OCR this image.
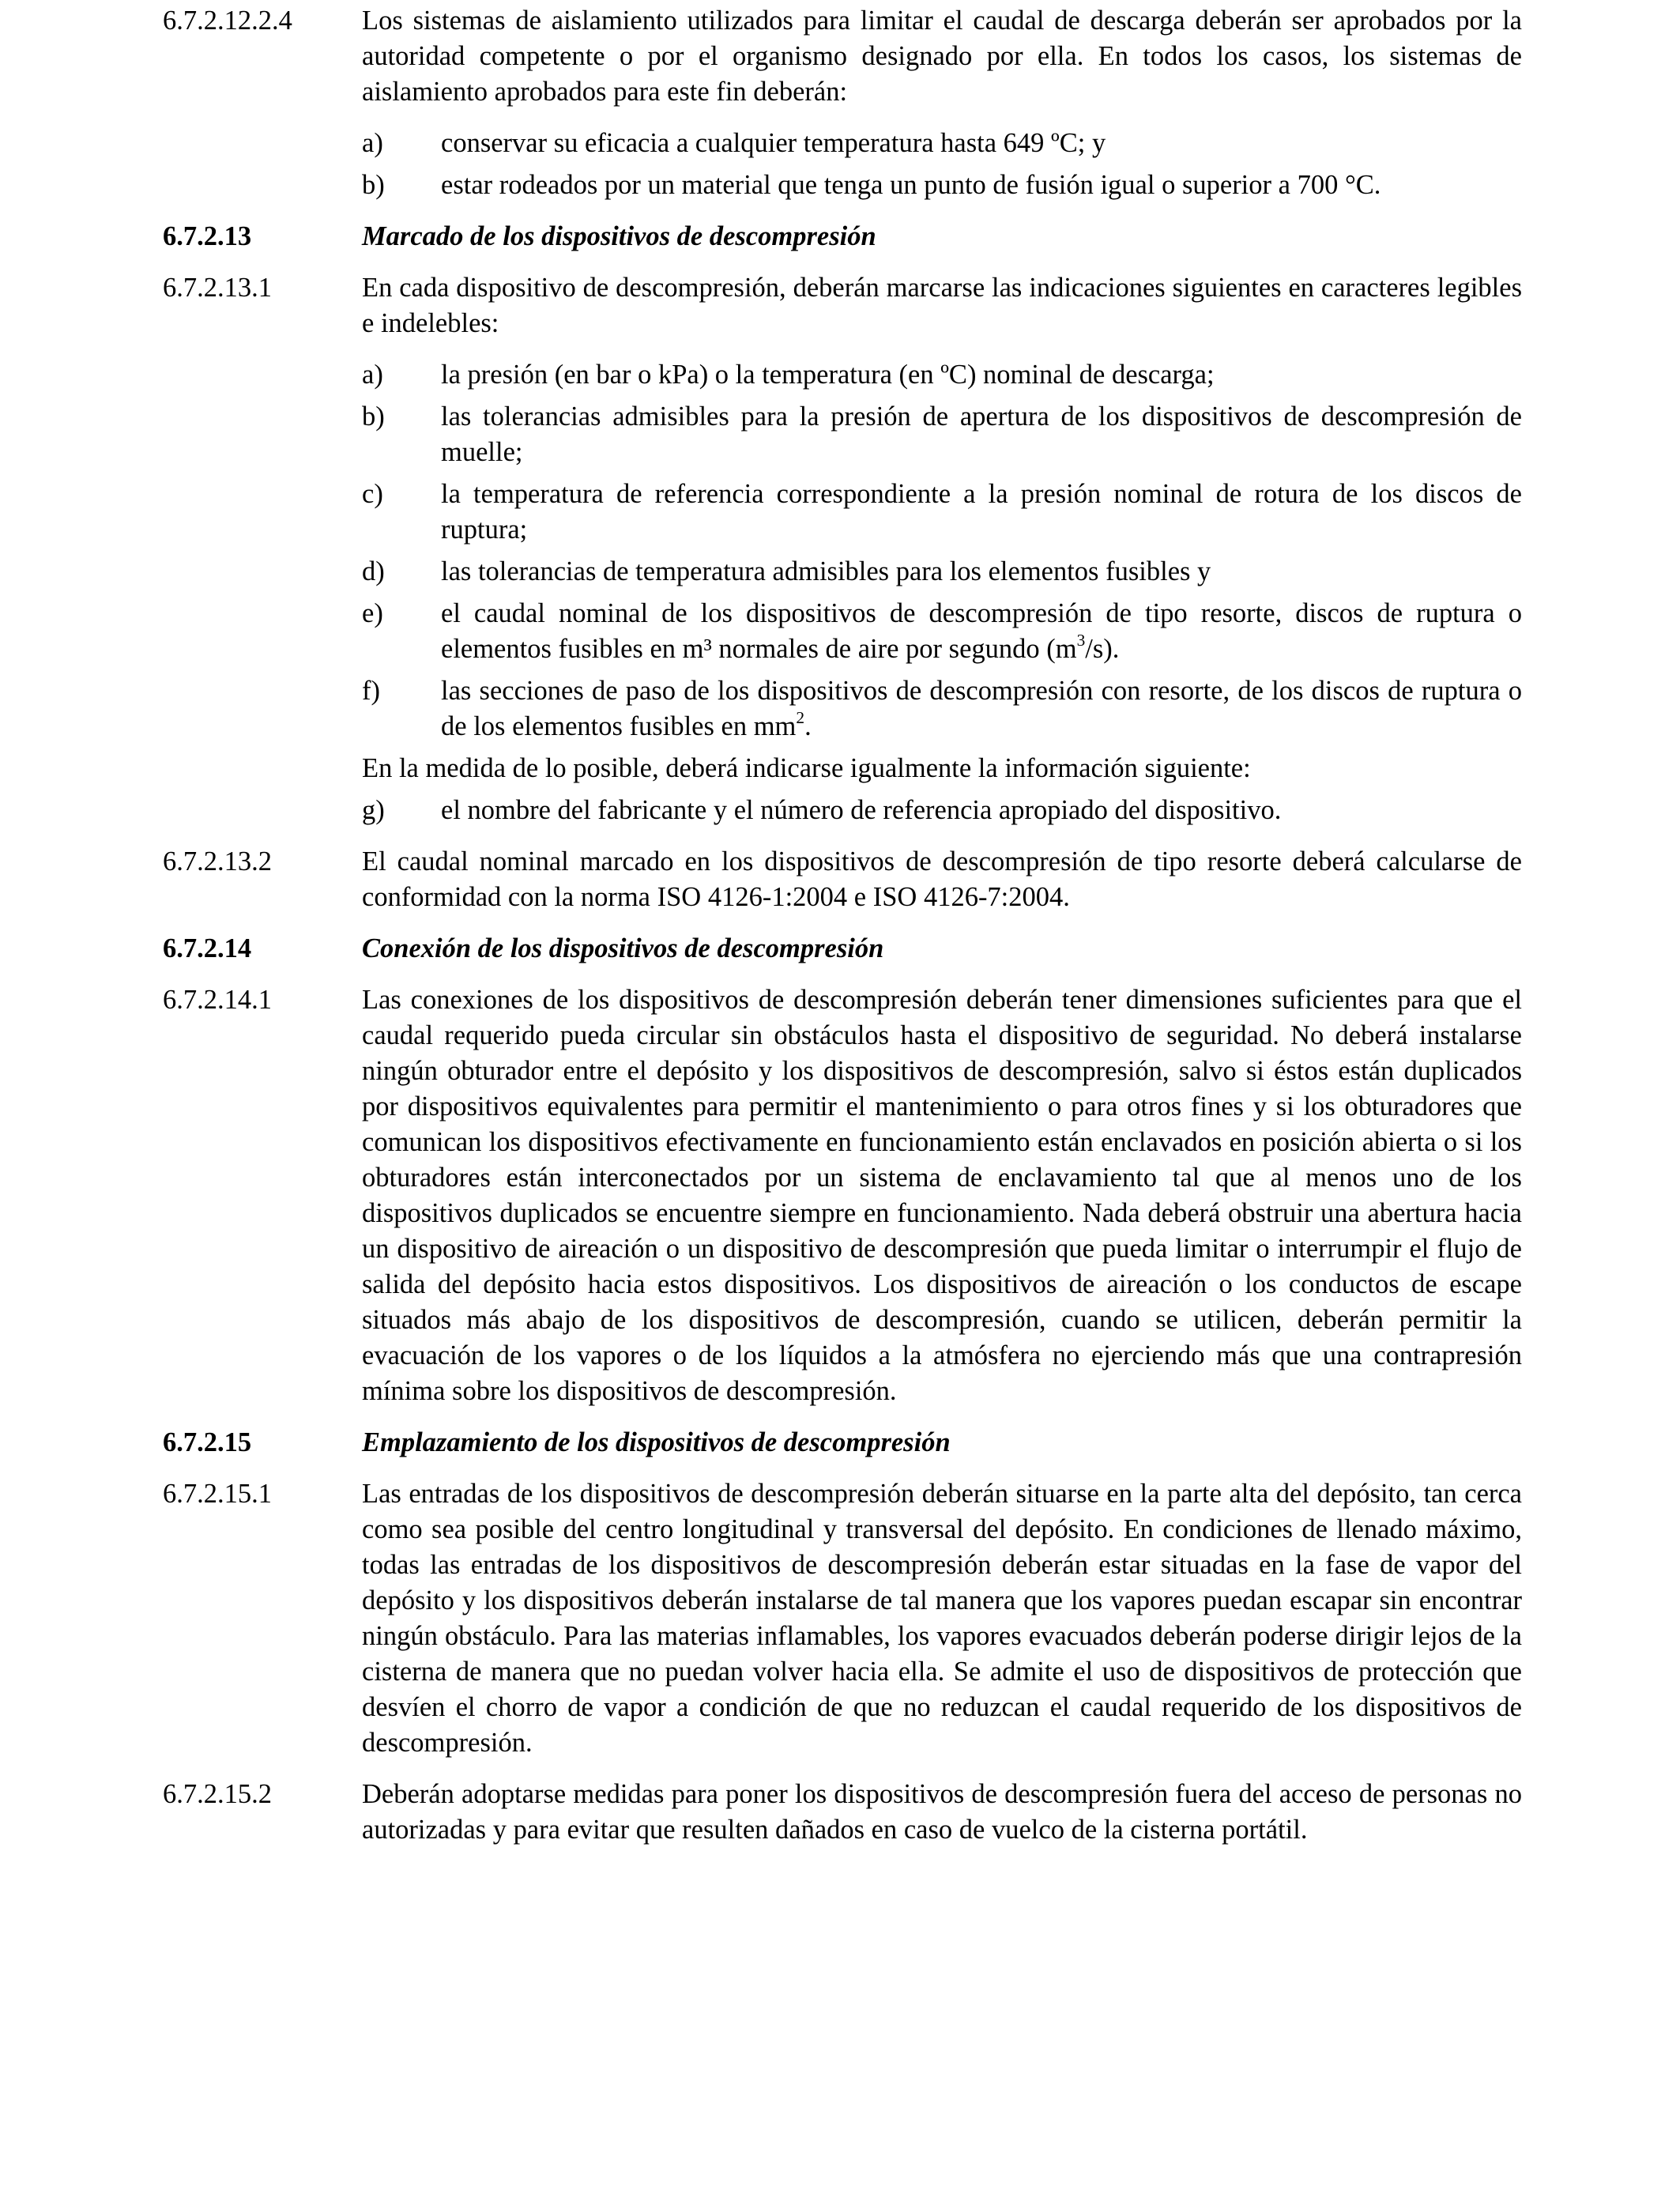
6.7.2.12.2.4	Los sistemas de aislamiento utilizados para limitar el caudal de descarga deberán ser aprobados por la autoridad competente o por el organismo designado por ella. En todos los casos, los sistemas de aislamiento aprobados para este fin deberán:
a)	conservar su eficacia a cualquier temperatura hasta 649 ºC; y
b)	estar rodeados por un material que tenga un punto de fusión igual o superior a 700 °C.
6.7.2.13	Marcado de los dispositivos de descompresión
6.7.2.13.1	En cada dispositivo de descompresión, deberán marcarse las indicaciones siguientes en caracteres legibles e indelebles:
a)	la presión (en bar o kPa) o la temperatura (en ºC) nominal de descarga;
b)	las tolerancias admisibles para la presión de apertura de los dispositivos de descompresión de muelle;
c)	la temperatura de referencia correspondiente a la presión nominal de rotura de los discos de ruptura;
d)	las tolerancias de temperatura admisibles para los elementos fusibles y
e)	el caudal nominal de los dispositivos de descompresión de tipo resorte, discos de ruptura o elementos fusibles en m³ normales de aire por segundo $(m^3/s)$.
f)	las secciones de paso de los dispositivos de descompresión con resorte, de los discos de ruptura o de los elementos fusibles en $mm^2$.
En la medida de lo posible, deberá indicarse igualmente la información siguiente:
g)	el nombre del fabricante y el número de referencia apropiado del dispositivo.
6.7.2.13.2	El caudal nominal marcado en los dispositivos de descompresión de tipo resorte deberá calcularse de conformidad con la norma ISO 4126-1:2004 e ISO 4126-7:2004.
6.7.2.14	Conexión de los dispositivos de descompresión
6.7.2.14.1	Las conexiones de los dispositivos de descompresión deberán tener dimensiones suficientes para que el caudal requerido pueda circular sin obstáculos hasta el dispositivo de seguridad. No deberá instalarse ningún obturador entre el depósito y los dispositivos de descompresión, salvo si éstos están duplicados por dispositivos equivalentes para permitir el mantenimiento o para otros fines y si los obturadores que comunican los dispositivos efectivamente en funcionamiento están enclavados en posición abierta o si los obturadores están interconectados por un sistema de enclavamiento tal que al menos uno de los dispositivos duplicados se encuentre siempre en funcionamiento. Nada deberá obstruir una abertura hacia un dispositivo de aireación o un dispositivo de descompresión que pueda limitar o interrumpir el flujo de salida del depósito hacia estos dispositivos. Los dispositivos de aireación o los conductos de escape situados más abajo de los dispositivos de descompresión, cuando se utilicen, deberán permitir la evacuación de los vapores o de los líquidos a la atmósfera no ejerciendo más que una contrapresión mínima sobre los dispositivos de descompresión.
6.7.2.15	Emplazamiento de los dispositivos de descompresión
6.7.2.15.1	Las entradas de los dispositivos de descompresión deberán situarse en la parte alta del depósito, tan cerca como sea posible del centro longitudinal y transversal del depósito. En condiciones de llenado máximo, todas las entradas de los dispositivos de descompresión deberán estar situadas en la fase de vapor del depósito y los dispositivos deberán instalarse de tal manera que los vapores puedan escapar sin encontrar ningún obstáculo. Para las materias inflamables, los vapores evacuados deberán poderse dirigir lejos de la cisterna de manera que no puedan volver hacia ella. Se admite el uso de dispositivos de protección que desvíen el chorro de vapor a condición de que no reduzcan el caudal requerido de los dispositivos de descompresión.
6.7.2.15.2	Deberán adoptarse medidas para poner los dispositivos de descompresión fuera del acceso de personas no autorizadas y para evitar que resulten dañados en caso de vuelco de la cisterna portátil.
